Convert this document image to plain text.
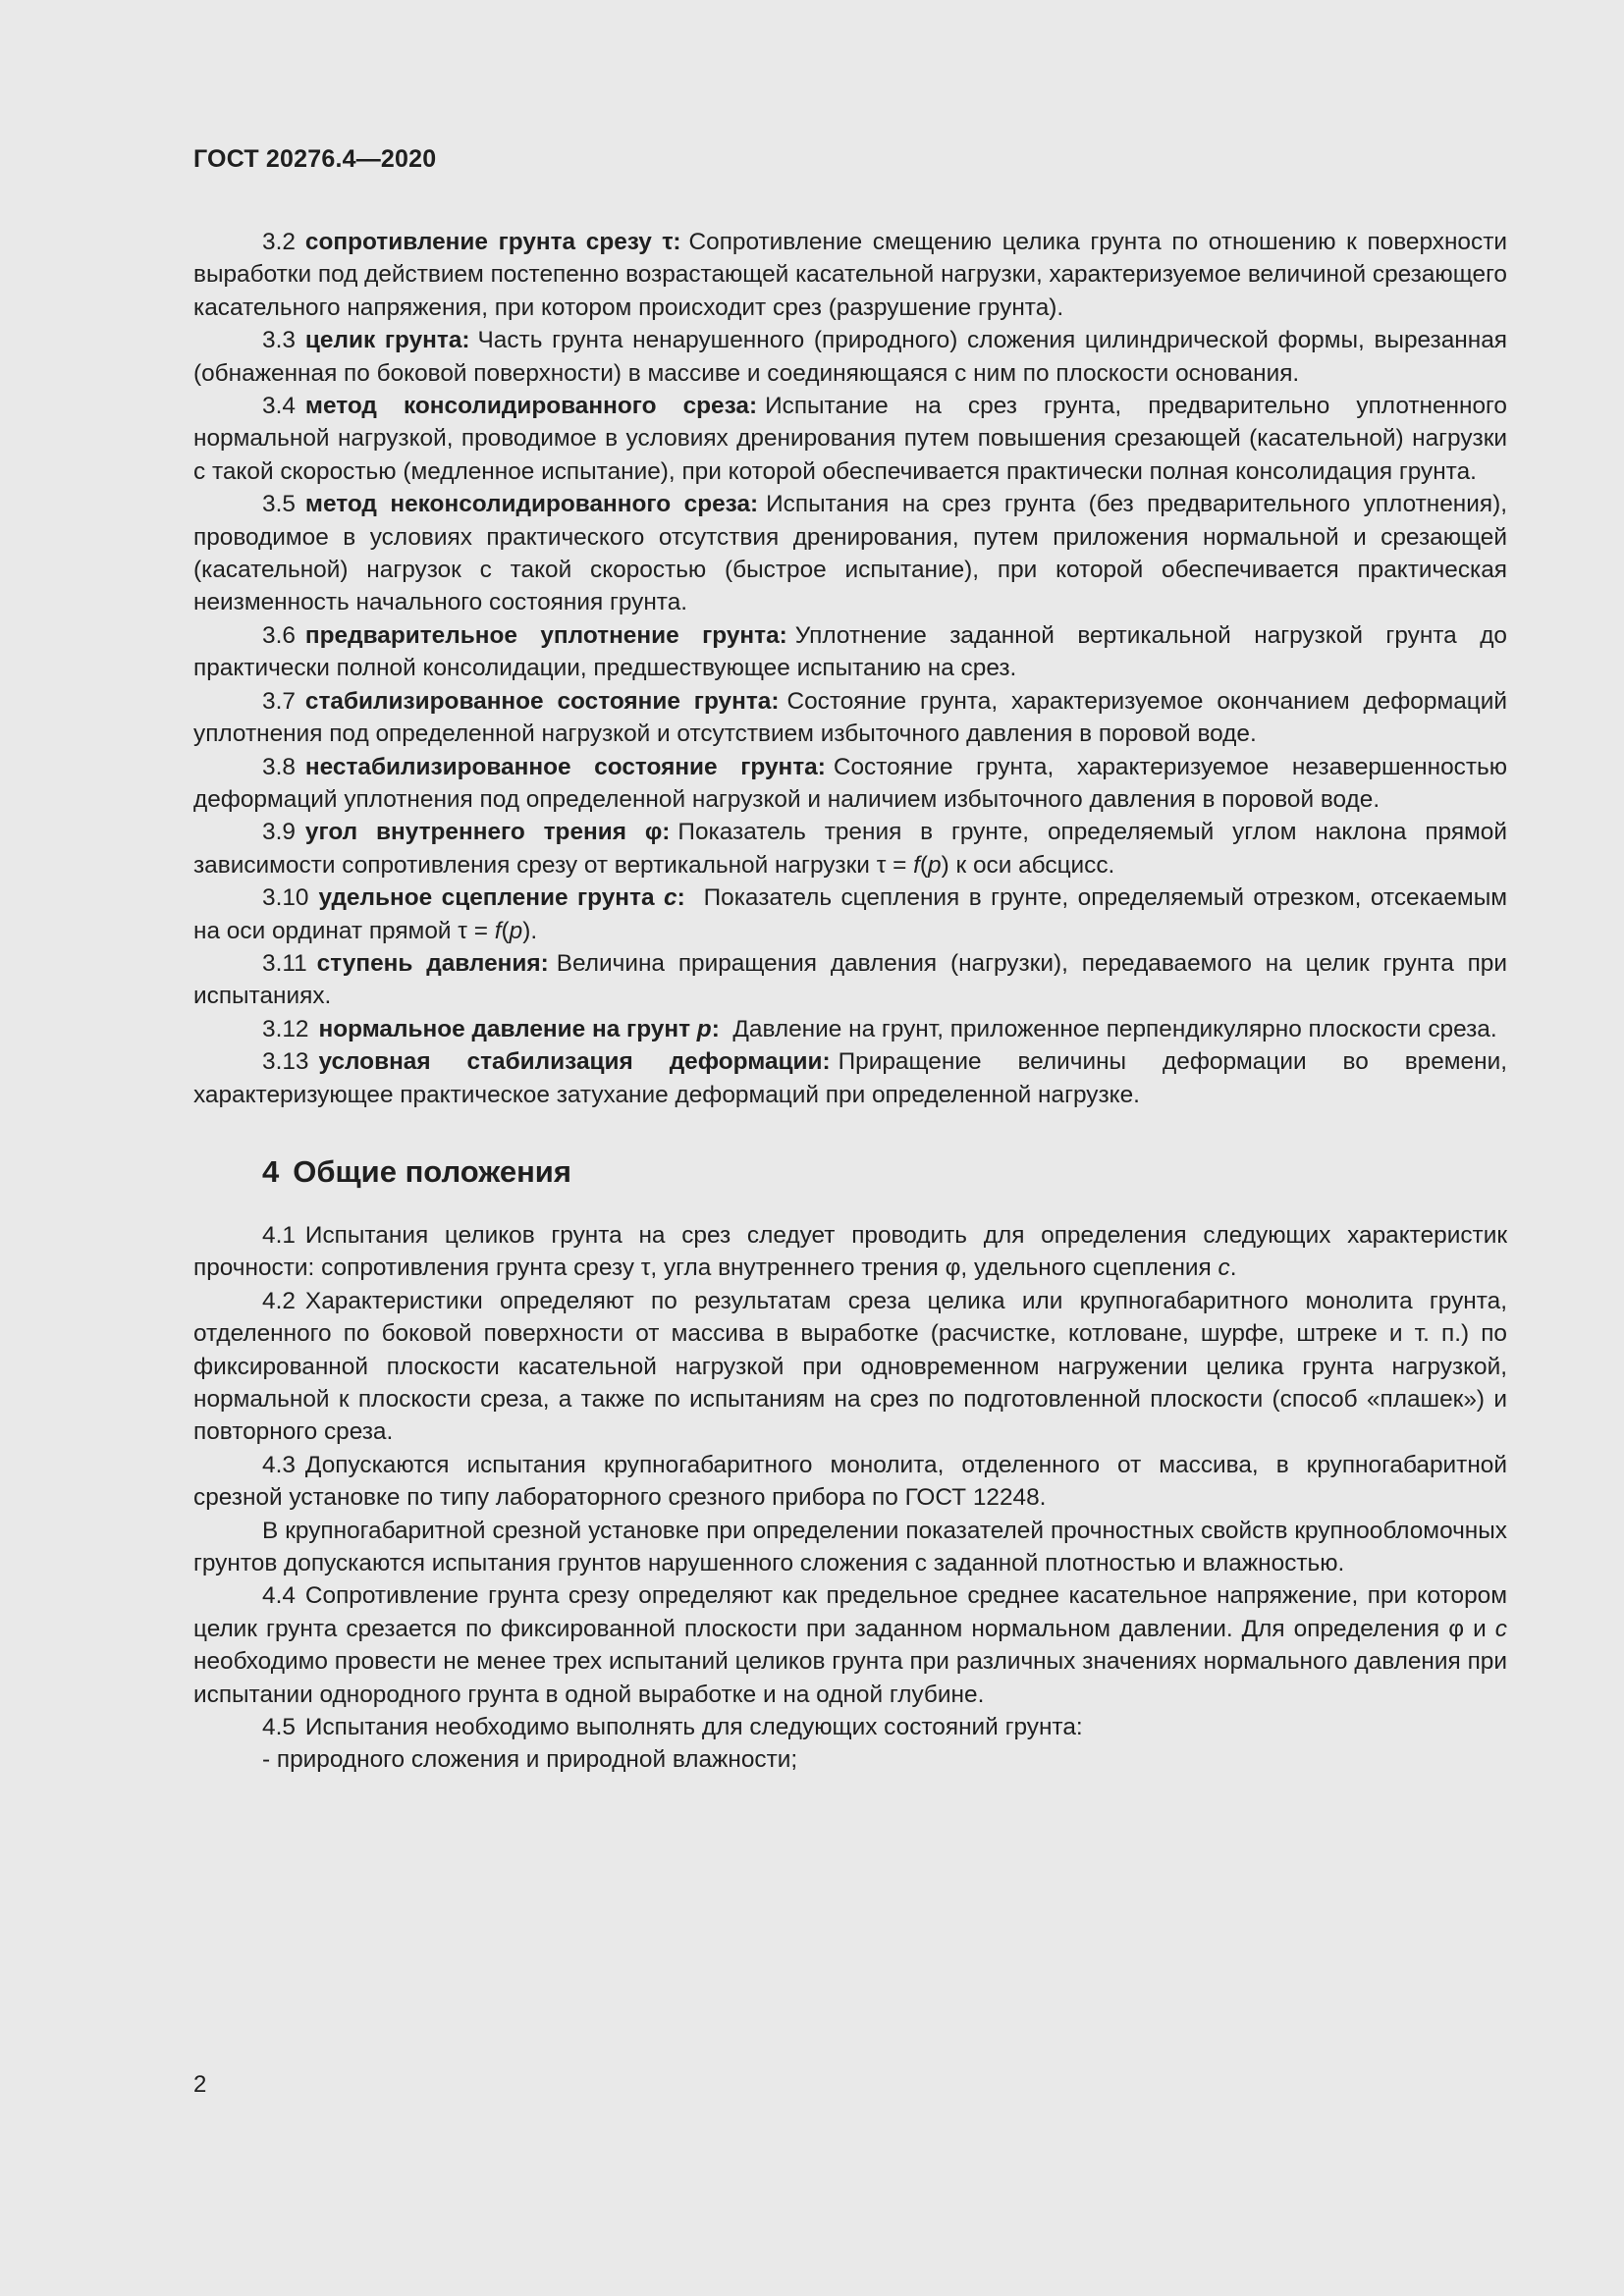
ГОСТ 20276.4—2020

3.2 сопротивление грунта срезу τ: Сопротивление смещению целика грунта по отношению к поверхности выработки под действием постепенно возрастающей касательной нагрузки, характеризуемое величиной срезающего касательного напряжения, при котором происходит срез (разрушение грунта).

3.3 целик грунта: Часть грунта ненарушенного (природного) сложения цилиндрической формы, вырезанная (обнаженная по боковой поверхности) в массиве и соединяющаяся с ним по плоскости основания.

3.4 метод консолидированного среза: Испытание на срез грунта, предварительно уплотненного нормальной нагрузкой, проводимое в условиях дренирования путем повышения срезающей (касательной) нагрузки с такой скоростью (медленное испытание), при которой обеспечивается практически полная консолидация грунта.

3.5 метод неконсолидированного среза: Испытания на срез грунта (без предварительного уплотнения), проводимое в условиях практического отсутствия дренирования, путем приложения нормальной и срезающей (касательной) нагрузок с такой скоростью (быстрое испытание), при которой обеспечивается практическая неизменность начального состояния грунта.

3.6 предварительное уплотнение грунта: Уплотнение заданной вертикальной нагрузкой грунта до практически полной консолидации, предшествующее испытанию на срез.

3.7 стабилизированное состояние грунта: Состояние грунта, характеризуемое окончанием деформаций уплотнения под определенной нагрузкой и отсутствием избыточного давления в поровой воде.

3.8 нестабилизированное состояние грунта: Состояние грунта, характеризуемое незавершенностью деформаций уплотнения под определенной нагрузкой и наличием избыточного давления в поровой воде.

3.9 угол внутреннего трения φ: Показатель трения в грунте, определяемый углом наклона прямой зависимости сопротивления срезу от вертикальной нагрузки τ = f(p) к оси абсцисс.

3.10 удельное сцепление грунта c: Показатель сцепления в грунте, определяемый отрезком, отсекаемым на оси ординат прямой τ = f(p).

3.11 ступень давления: Величина приращения давления (нагрузки), передаваемого на целик грунта при испытаниях.

3.12 нормальное давление на грунт p: Давление на грунт, приложенное перпендикулярно плоскости среза.

3.13 условная стабилизация деформации: Приращение величины деформации во времени, характеризующее практическое затухание деформаций при определенной нагрузке.

4 Общие положения

4.1 Испытания целиков грунта на срез следует проводить для определения следующих характеристик прочности: сопротивления грунта срезу τ, угла внутреннего трения φ, удельного сцепления c.

4.2 Характеристики определяют по результатам среза целика или крупногабаритного монолита грунта, отделенного по боковой поверхности от массива в выработке (расчистке, котловане, шурфе, штреке и т. п.) по фиксированной плоскости касательной нагрузкой при одновременном нагружении целика грунта нагрузкой, нормальной к плоскости среза, а также по испытаниям на срез по подготовленной плоскости (способ «плашек») и повторного среза.

4.3 Допускаются испытания крупногабаритного монолита, отделенного от массива, в крупногабаритной срезной установке по типу лабораторного срезного прибора по ГОСТ 12248.

В крупногабаритной срезной установке при определении показателей прочностных свойств крупнообломочных грунтов допускаются испытания грунтов нарушенного сложения с заданной плотностью и влажностью.

4.4 Сопротивление грунта срезу определяют как предельное среднее касательное напряжение, при котором целик грунта срезается по фиксированной плоскости при заданном нормальном давлении. Для определения φ и c необходимо провести не менее трех испытаний целиков грунта при различных значениях нормального давления при испытании однородного грунта в одной выработке и на одной глубине.

4.5 Испытания необходимо выполнять для следующих состояний грунта:

- природного сложения и природной влажности;

2
